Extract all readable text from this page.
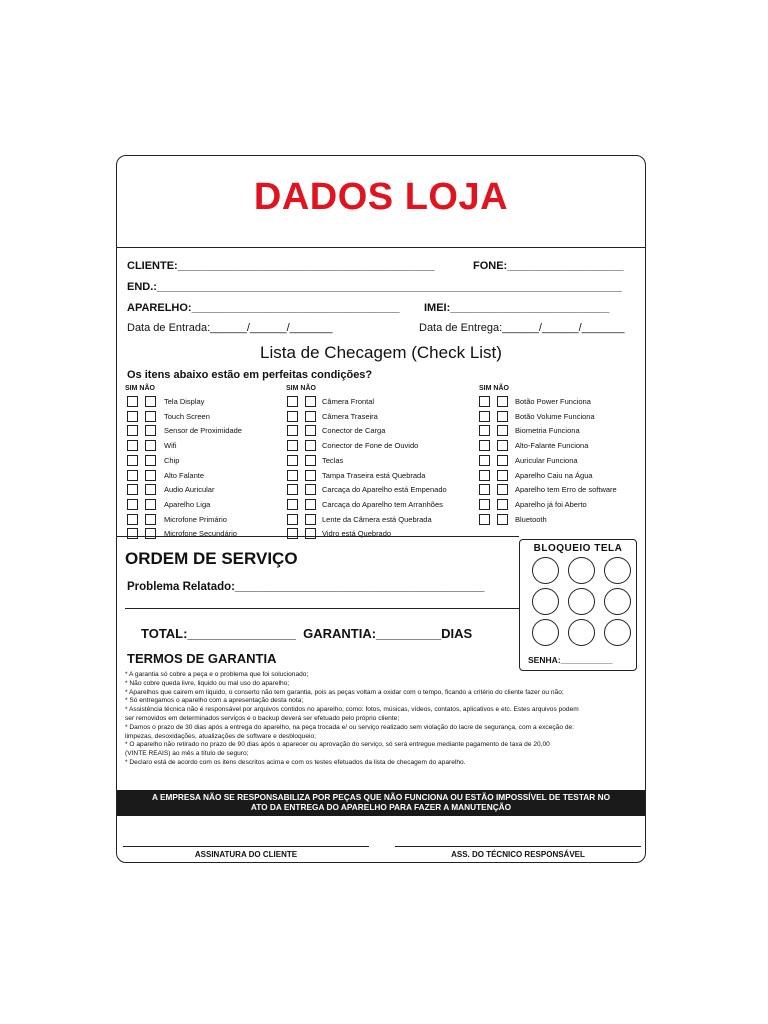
DADOS LOJA
CLIENTE:__________________________________________	FONE:___________________
END.:____________________________________________________________________________
APARELHO:__________________________________ IMEI:__________________________
Data de Entrada:______/______/_______	Data de Entrega:______/______/_______
Lista de Checagem (Check List)
Os itens abaixo estão em perfeitas condições?
SIM NÃO	SIM NÃO	SIM NÃO
Tela Display
Touch Screen
Sensor de Proximidade
Wifi
Chip
Alto Falante
Audio Auricular
Aparelho Liga
Microfone Primário
Microfone Secundário
Câmera Frontal
Câmera Traseira
Conector de Carga
Conector de Fone de Ouvido
Teclas
Tampa Traseira está Quebrada
Carcaça do Aparelho está Empenado
Carcaça do Aparelho tem Arranhões
Lente da Câmera está Quebrada
Vidro está Quebrado
Botão Power Funciona
Botão Volume Funciona
Biometria Funciona
Alto-Falante Funciona
Auricular Funciona
Aparelho Caiu na Água
Aparelho tem Erro de software
Aparelho já foi Aberto
Bluetooth
ORDEM DE SERVIÇO
Problema Relatado:_______________________________________
TOTAL:_______________  GARANTIA:_________DIAS
BLOQUEIO TELA
SENHA:___________
TERMOS DE GARANTIA
* A garantia só cobre a peça e o problema que foi solucionado;
* Não cobre queda livre, liquido ou mal uso do aparelho;
* Aparelhos que cairem em liquido, o conserto não tem garantia, pois as peças voltam a oxidar com o tempo, ficando a critério do cliente fazer ou não;
* Só entregamos o aparelho com a apresentação desta nota;
* Assistência técnica não é responsável por arquivos contidos no aparelho, como: fotos, músicas, vídeos, contatos, aplicativos e etc. Estes arquivos podem
ser removidos em determinados serviços e o backup deverá ser efetuado pelo próprio cliente;
* Damos o prazo de 30 dias após a entrega do aparelho, na peça trocada e/ ou serviço realizado sem violação do lacre de segurança, com a exceção de:
limpezas, desoxidações, atualizações de software e desbloqueio;
* O aparelho não retirado no prazo de 90 dias após o aparecer ou aprovação do serviço, só será entregue mediante pagamento de taxa de 20,00
(VINTE REAIS) ao mês a título de seguro;
* Declaro está de acordo com os itens descritos acima e com os testes efetuados da lista de checagem do aparelho.
A EMPRESA NÃO SE RESPONSABILIZA POR PEÇAS QUE NÃO FUNCIONA OU ESTÃO IMPOSSÍVEL DE TESTAR NO
ATO DA ENTREGA DO APARELHO PARA FAZER A MANUTENÇÃO
ASSINATURA DO CLIENTE	ASS. DO TÉCNICO RESPONSÁVEL
